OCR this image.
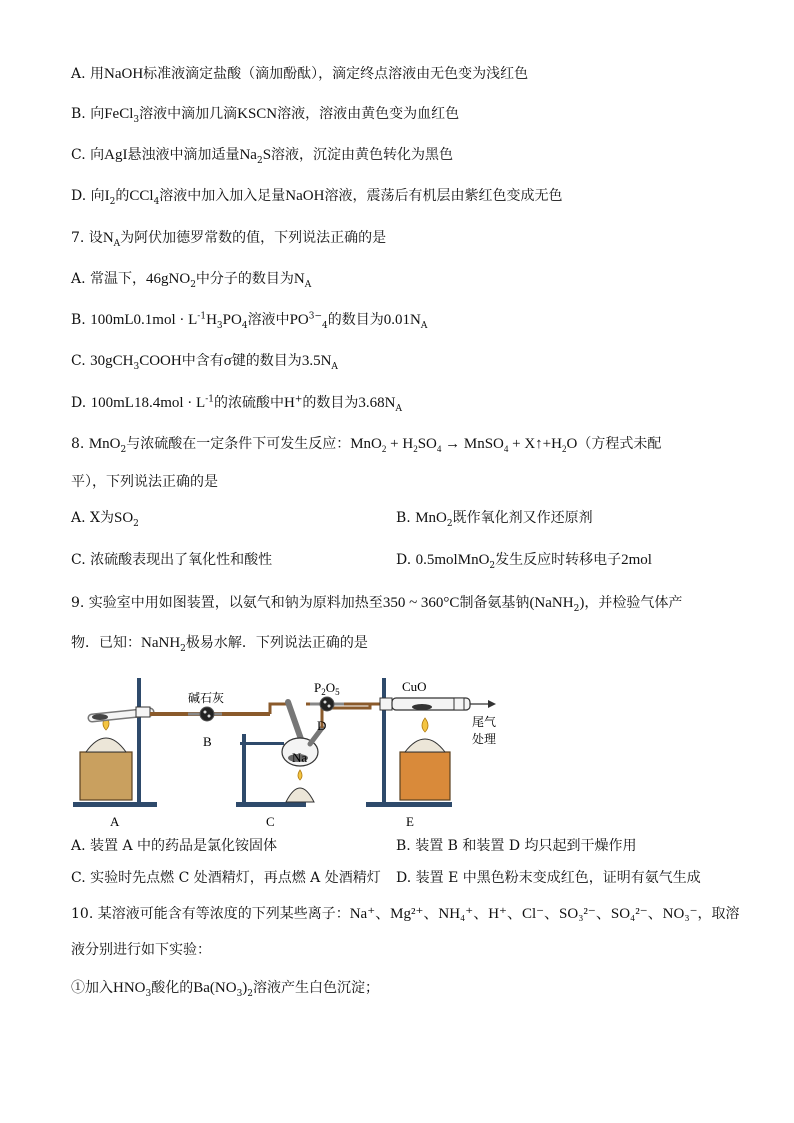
A. 用NaOH标准液滴定盐酸（滴加酚酞），滴定终点溶液由无色变为浅红色
B. 向FeCl$_3$溶液中滴加几滴KSCN溶液，溶液由黄色变为血红色
C. 向AgI悬浊液中滴加适量$Na_2S$溶液，沉淀由黄色转化为黑色
D. 向$I_2$的CCl$_4$溶液中加入加入足量NaOH溶液，震荡后有机层由紫红色变成无色
7. 设$N_A$为阿伏加德罗常数的值，下列说法正确的是
A. 常温下，46gNO$_2$中分子的数目为$N_A$
B. $100mL0.1mol \cdot L^{-1}H_3PO_4$溶液中$PO^{3-}_4$的数目为$0.01N_A$
C. 30gCH$_3$COOH中含有σ键的数目为$3.5N_A$
D. $100mL18.4mol \cdot L^{-1}$的浓硫酸中H+的数目为$3.68N_A$
8. MnO$_2$与浓硫酸在一定条件下可发生反应：$MnO_2 + H_2SO_4$ → MnSO$_4$ + $X↑+H_2O$（方程式未配
平），下列说法正确的是
A. X为$SO_2$	B. MnO$_2$既作氧化剂又作还原剂
C. 浓硫酸表现出了氧化性和酸性	D. 0.5molMnO$_2$发生反应时转移电子2mol
9. 实验室中用如图装置，以氨气和钠为原料加热至350 ~ 360°C制备氨基钠(NaNH$_2$)，并检验气体产
物．已知：NaNH$_2$极易水解．下列说法正确的是
A
B
C
D
E
碱石灰
$P_2O_5$
Na
CuO
尾气
处理
A. 装置 A 中的药品是氯化铵固体	B. 装置 B 和装置 D 均只起到干燥作用
C. 实验时先点燃 C 处酒精灯，再点燃 A 处酒精灯 D. 装置 E 中黑色粉末变成红色，证明有氨气生成
10. 某溶液可能含有等浓度的下列某些离子：Na⁺、Mg²⁺、NH₄⁺、H⁺、Cl⁻、SO₃²⁻、SO₄²⁻、NO₃⁻，取溶
液分别进行如下实验：
①加入$HNO_3$酸化的$Ba(NO_3)_2$溶液产生白色沉淀；
